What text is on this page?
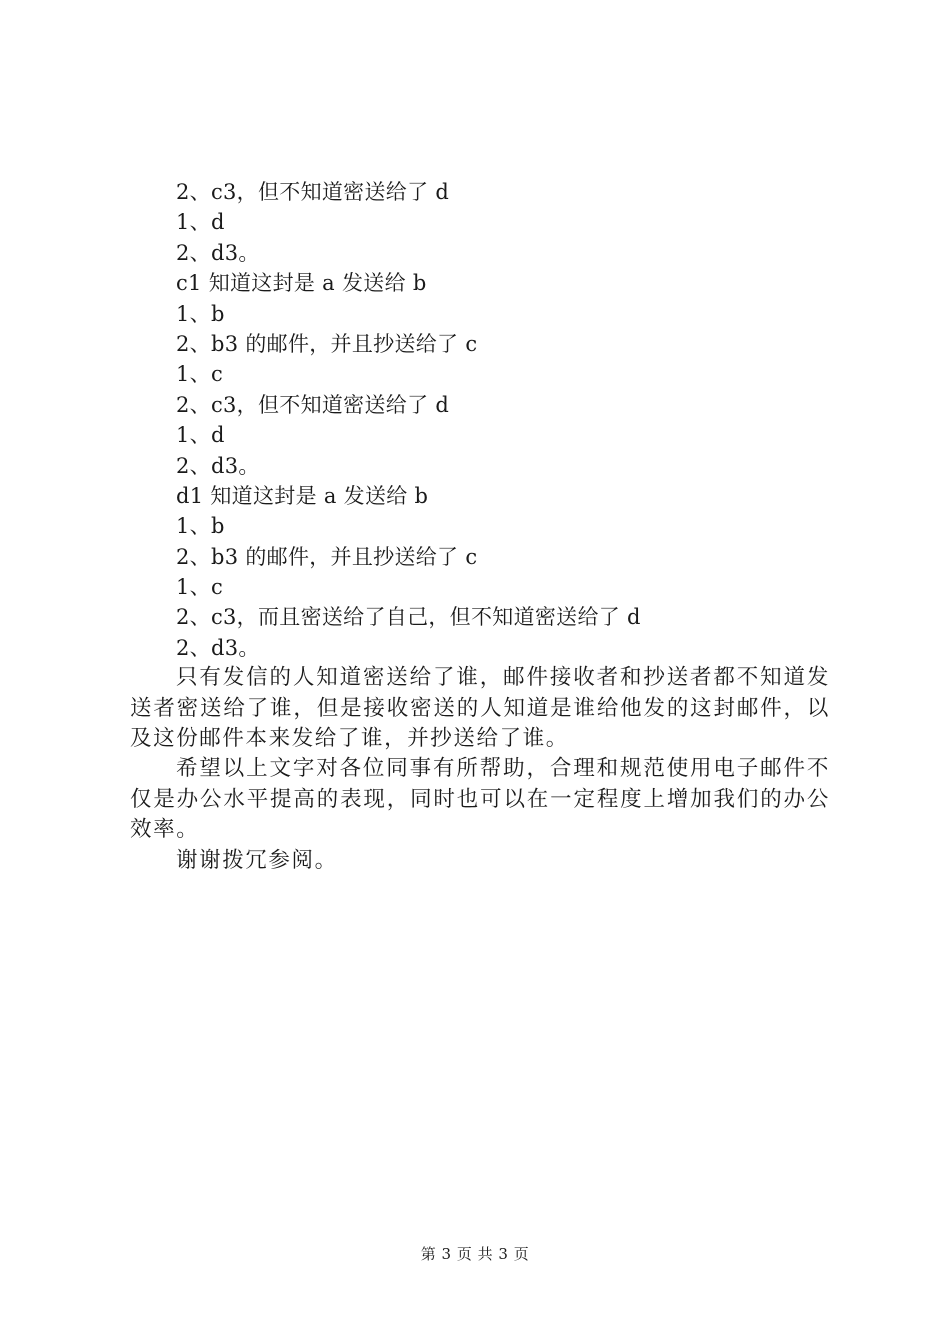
2、c3，但不知道密送给了 d
1、d
2、d3。
c1 知道这封是 a 发送给 b
1、b
2、b3 的邮件，并且抄送给了 c
1、c
2、c3，但不知道密送给了 d
1、d
2、d3。
d1 知道这封是 a 发送给 b
1、b
2、b3 的邮件，并且抄送给了 c
1、c
2、c3，而且密送给了自己，但不知道密送给了 d
2、d3。

只有发信的人知道密送给了谁，邮件接收者和抄送者都不知道发送者密送给了谁，但是接收密送的人知道是谁给他发的这封邮件，以及这份邮件本来发给了谁，并抄送给了谁。

希望以上文字对各位同事有所帮助，合理和规范使用电子邮件不仅是办公水平提高的表现，同时也可以在一定程度上增加我们的办公效率。

谢谢拨冗参阅。

第 3 页 共 3 页
